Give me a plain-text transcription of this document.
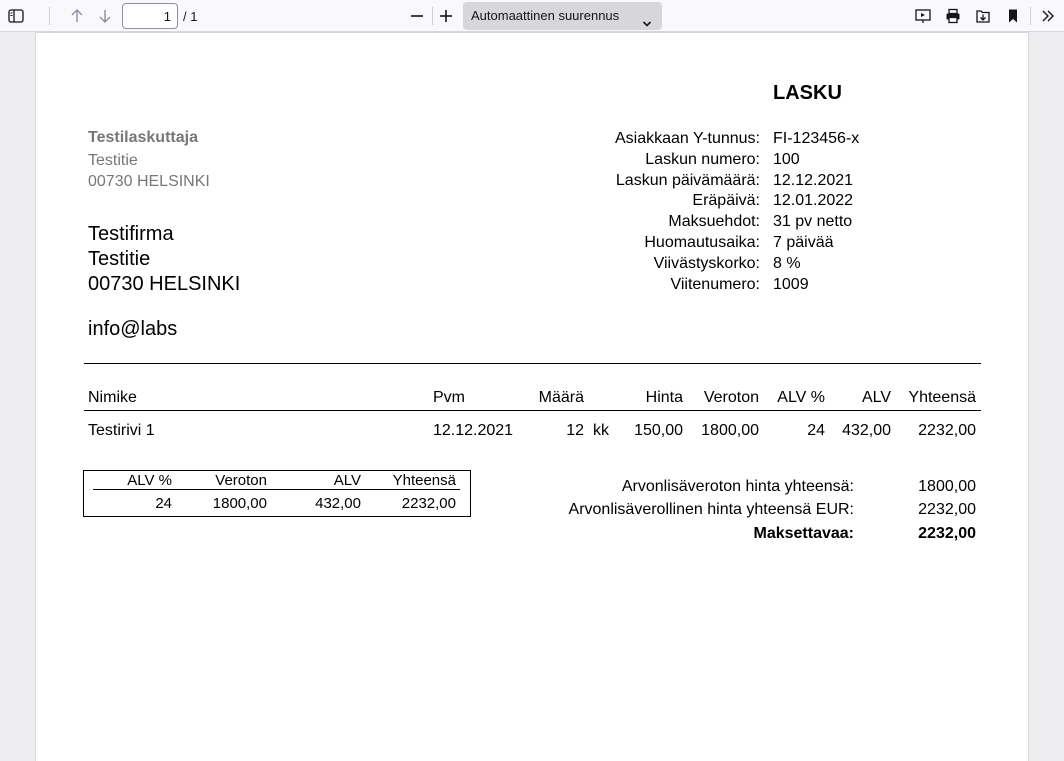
1
/ 1	Automaattinen suurennus
LASKU
Testilaskuttaja
Testitie
00730 HELSINKI
Testifirma
Testitie
00730 HELSINKI
info@labs
Asiakkaan Y-tunnus: FI-123456-x
Laskun numero: 100
Laskun päivämäärä: 12.12.2021
Eräpäivä: 12.01.2022
Maksuehdot: 31 pv netto
Huomautusaika: 7 päivää
Viivästyskorko: 8 %
Viitenumero: 1009
Nimike	Pvm	Määrä	Hinta	Veroton	ALV %	ALV	Yhteensä
Testirivi 1	12.12.2021	12 kk	150,00	1800,00	24	432,00	2232,00
ALV %	Veroton	ALV	Yhteensä
24	1800,00	432,00	2232,00
Arvonlisäveroton hinta yhteensä:	1800,00
Arvonlisäverollinen hinta yhteensä EUR:	2232,00
Maksettavaa:	2232,00
